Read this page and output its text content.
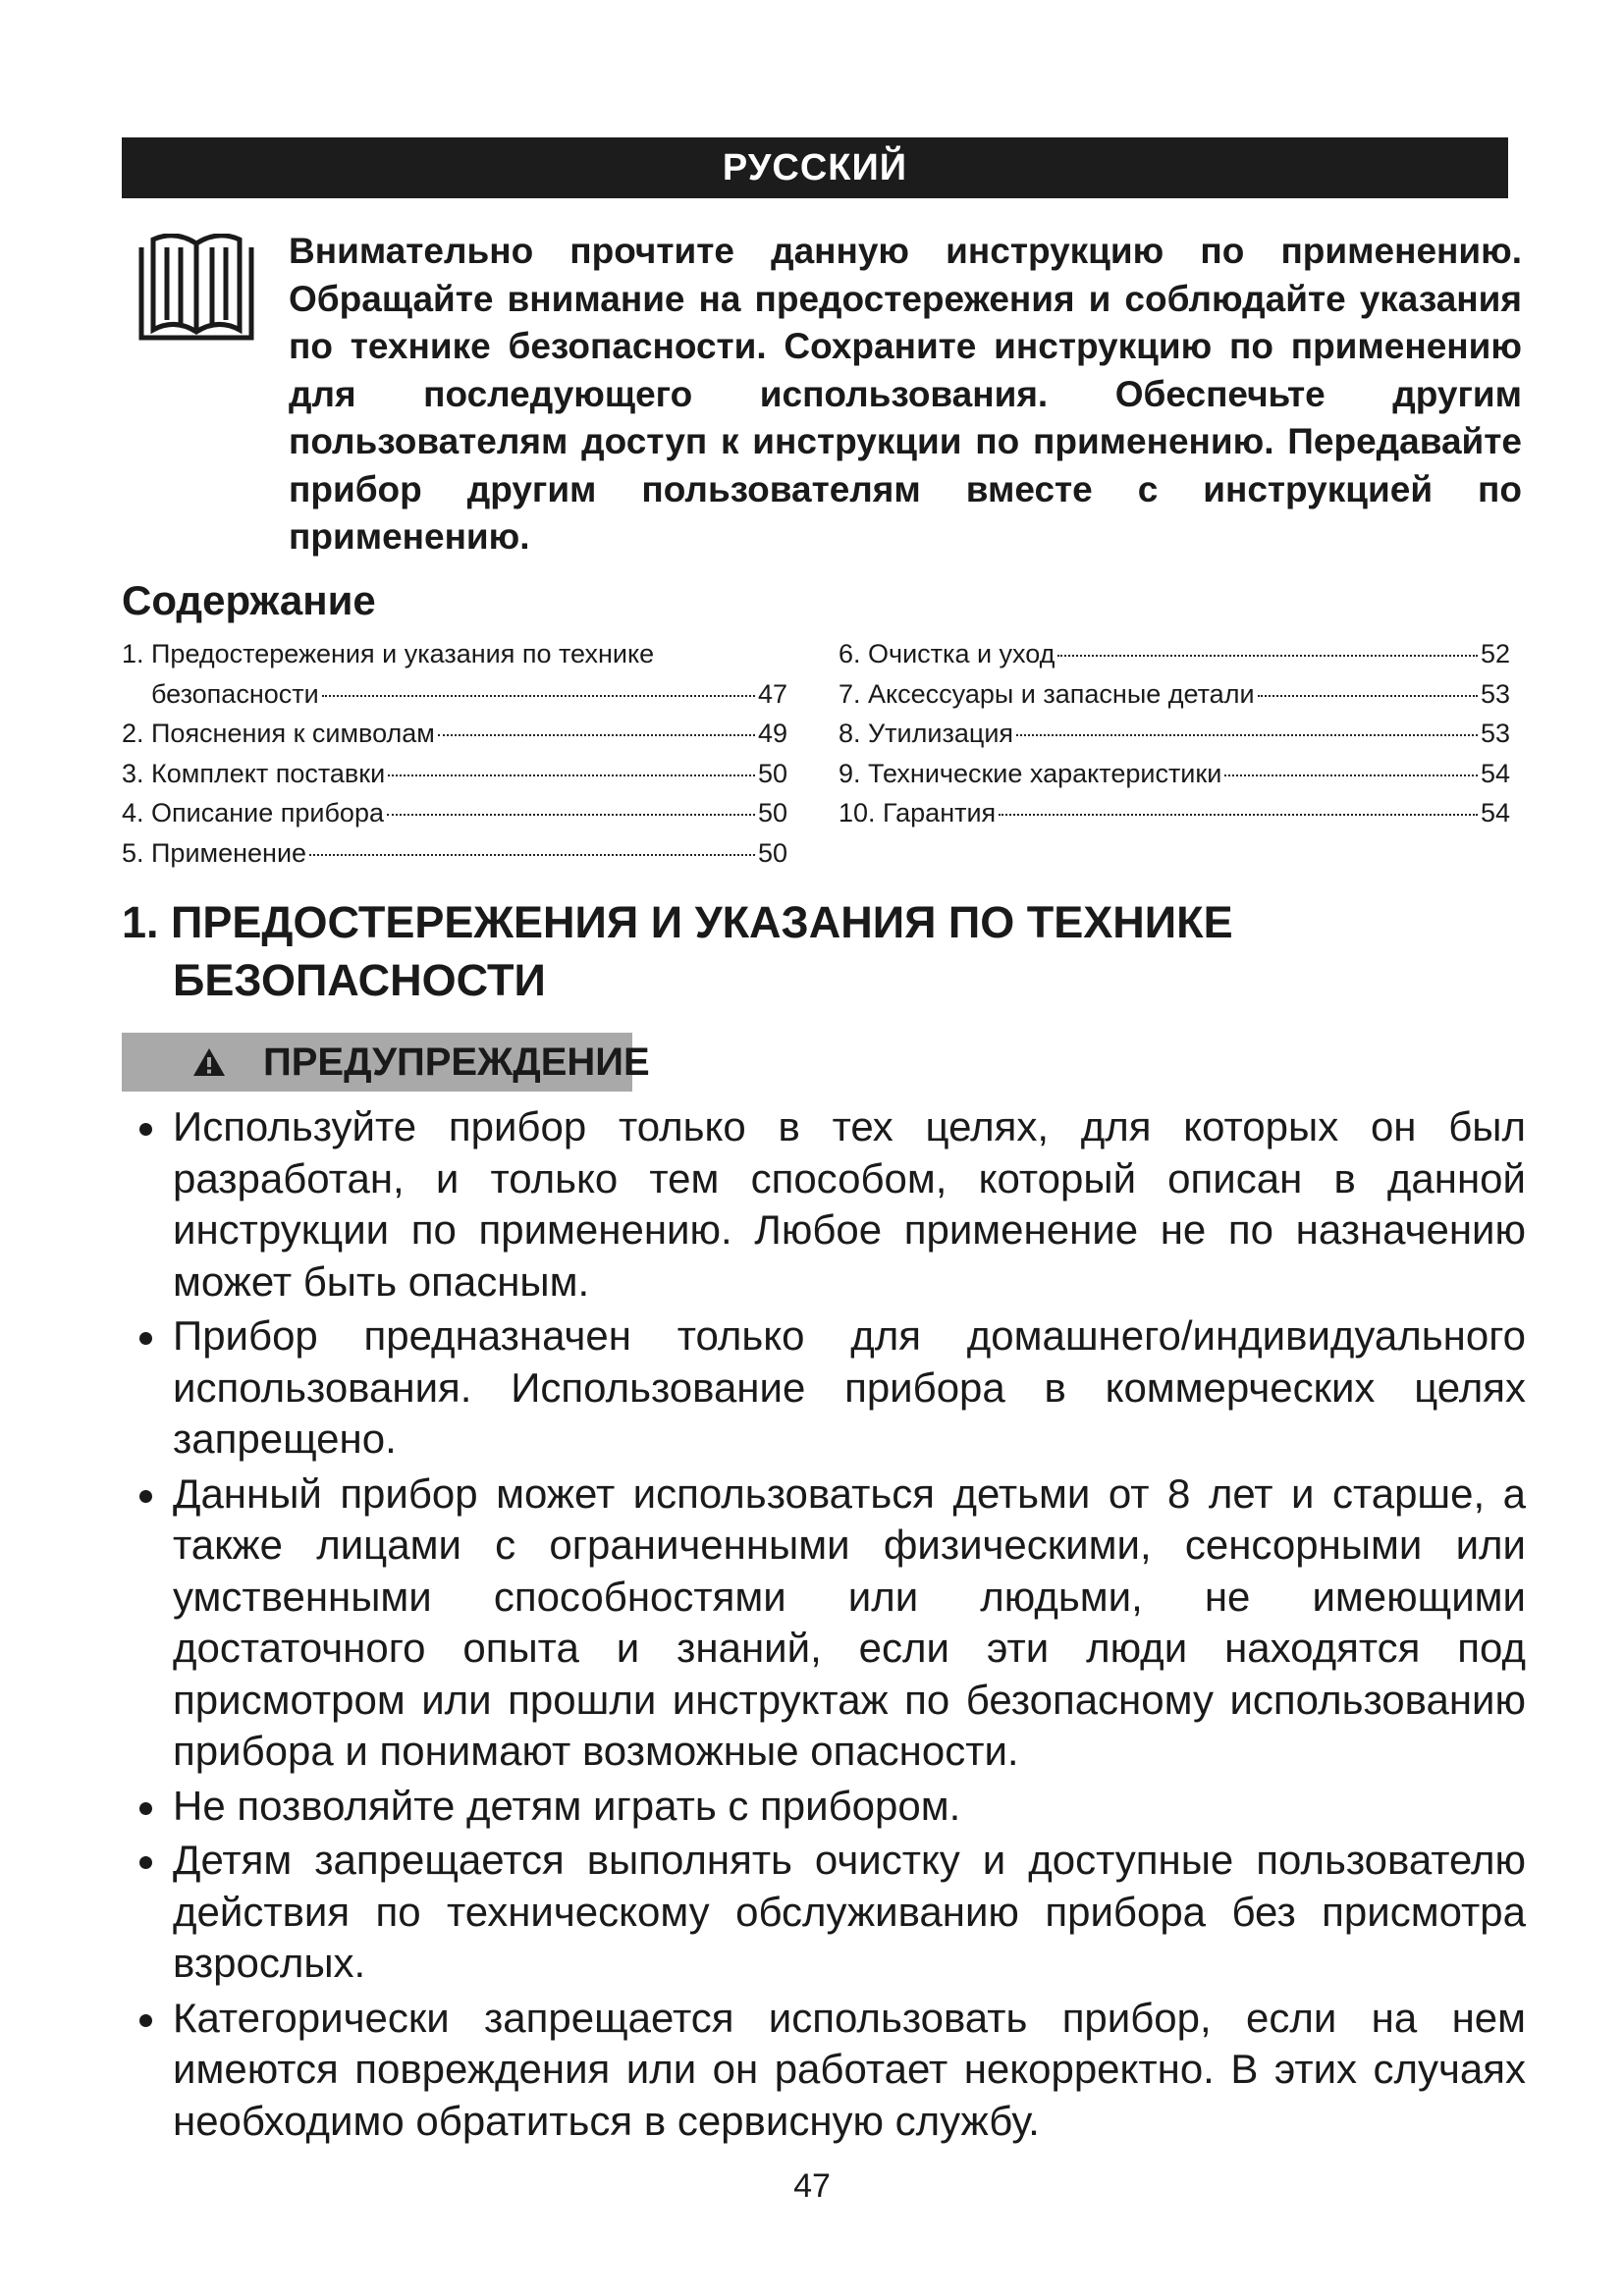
РУССКИЙ
Внимательно прочтите данную инструкцию по применению. Обращайте внимание на предостережения и соблюдайте указания по технике безопасности. Сохраните инструкцию по применению для последующего использования. Обеспечьте другим пользователям доступ к инструкции по применению. Передавайте прибор другим пользователям вместе с инструкцией по применению.
Содержание
1. Предостережения и указания по технике
безопасности	47
2. Пояснения к символам	49
3. Комплект поставки	50
4. Описание прибора	50
5. Применение	50
6. Очистка и уход	52
7. Аксессуары и запасные детали	53
8. Утилизация	53
9. Технические характеристики	54
10. Гарантия	54
1. ПРЕДОСТЕРЕЖЕНИЯ И УКАЗАНИЯ ПО ТЕХНИКЕ
БЕЗОПАСНОСТИ
ПРЕДУПРЕЖДЕНИЕ
Используйте прибор только в тех целях, для которых он был разработан, и только тем способом, который описан в данной инструкции по применению. Любое применение не по назначению может быть опасным.
Прибор предназначен только для домашнего/индивидуального использования. Использование прибора в коммерческих целях запрещено.
Данный прибор может использоваться детьми от 8 лет и старше, а также лицами с ограниченными физическими, сенсорными или умственными способностями или людьми, не имеющими достаточного опыта и знаний, если эти люди находятся под присмотром или прошли инструктаж по безопасному использованию прибора и понимают возможные опасности.
Не позволяйте детям играть с прибором.
Детям запрещается выполнять очистку и доступные пользователю действия по техническому обслуживанию прибора без присмотра взрослых.
Категорически запрещается использовать прибор, если на нем имеются повреждения или он работает некорректно. В этих случаях необходимо обратиться в сервисную службу.
47
